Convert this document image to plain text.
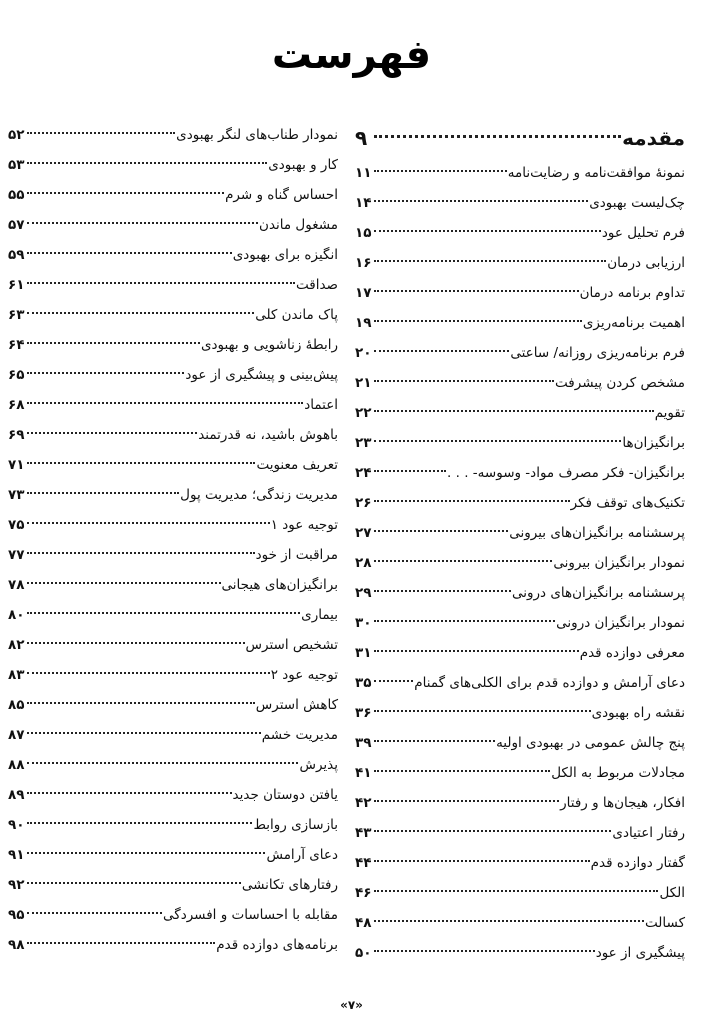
فهرست
مقدمه
۹
نمونهٔ موافقت‌نامه و رضایت‌نامه
۱۱
چک‌لیست بهبودی
۱۴
فرم تحلیل عود
۱۵
ارزیابی درمان
۱۶
تداوم برنامه درمان
۱۷
اهمیت برنامه‌ریزی
۱۹
فرم برنامه‌ریزی روزانه/ ساعتی
۲۰
مشخص کردن پیشرفت
۲۱
تقویم
۲۲
برانگیزان‌ها
۲۳
برانگیزان- فکر مصرف مواد- وسوسه- . . .
۲۴
تکنیک‌های توقف فکر
۲۶
پرسشنامه برانگیزان‌های بیرونی
۲۷
نمودار برانگیزان بیرونی
۲۸
پرسشنامه برانگیزان‌های درونی
۲۹
نمودار برانگیزان درونی
۳۰
معرفی دوازده قدم
۳۱
دعای آرامش و دوازده قدم برای الکلی‌های گمنام
۳۵
نقشه راه بهبودی
۳۶
پنج چالش عمومی در بهبودی اولیه
۳۹
مجادلات مربوط به الکل
۴۱
افکار، هیجان‌ها و رفتار
۴۲
رفتار اعتیادی
۴۳
گفتار دوازده قدم
۴۴
الکل
۴۶
کسالت
۴۸
پیشگیری از عود
۵۰
نمودار طناب‌های لنگر بهبودی
۵۲
کار و بهبودی
۵۳
احساس گناه و شرم
۵۵
مشغول ماندن
۵۷
انگیزه برای بهبودی
۵۹
صداقت
۶۱
پاک ماندن کلی
۶۳
رابطهٔ زناشویی و بهبودی
۶۴
پیش‌بینی و پیشگیری از عود
۶۵
اعتماد
۶۸
باهوش باشید، نه قدرتمند
۶۹
تعریف معنویت
۷۱
مدیریت زندگی؛ مدیریت پول
۷۳
توجیه عود ۱
۷۵
مراقبت از خود
۷۷
برانگیزان‌های هیجانی
۷۸
بیماری
۸۰
تشخیص استرس
۸۲
توجیه عود ۲
۸۳
کاهش استرس
۸۵
مدیریت خشم
۸۷
پذیرش
۸۸
یافتن دوستان جدید
۸۹
بازسازی روابط
۹۰
دعای آرامش
۹۱
رفتارهای تکانشی
۹۲
مقابله با احساسات و افسردگی
۹۵
برنامه‌های دوازده قدم
۹۸
«۷»
